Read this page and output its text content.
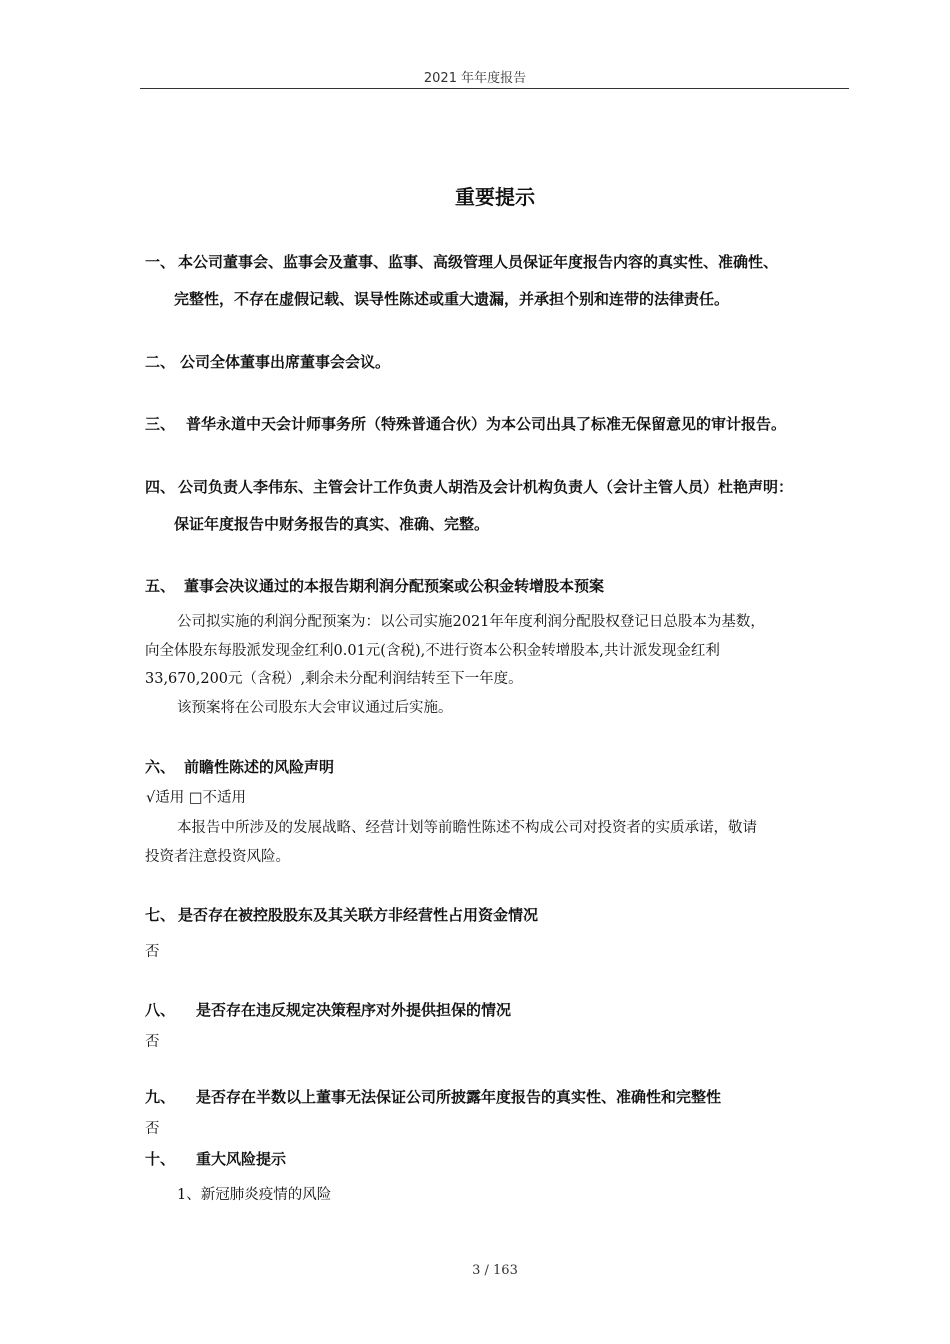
2021 年年度报告
重要提示
一、 本公司董事会、监事会及董事、监事、高级管理人员保证年度报告内容的真实性、准确性、
完整性，不存在虚假记载、误导性陈述或重大遗漏，并承担个别和连带的法律责任。
二、 公司全体董事出席董事会会议。
三、 普华永道中天会计师事务所（特殊普通合伙）为本公司出具了标准无保留意见的审计报告。
四、 公司负责人李伟东、主管会计工作负责人胡浩及会计机构负责人（会计主管人员）杜艳声明：
保证年度报告中财务报告的真实、准确、完整。
五、 董事会决议通过的本报告期利润分配预案或公积金转增股本预案
公司拟实施的利润分配预案为：以公司实施2021年年度利润分配股权登记日总股本为基数，
向全体股东每股派发现金红利0.01元(含税),不进行资本公积金转增股本,共计派发现金红利
33,670,200元（含税）,剩余未分配利润结转至下一年度。
该预案将在公司股东大会审议通过后实施。
六、 前瞻性陈述的风险声明
√适用 □不适用
本报告中所涉及的发展战略、经营计划等前瞻性陈述不构成公司对投资者的实质承诺，敬请
投资者注意投资风险。
七、 是否存在被控股股东及其关联方非经营性占用资金情况
否
八、 是否存在违反规定决策程序对外提供担保的情况
否
九、 是否存在半数以上董事无法保证公司所披露年度报告的真实性、准确性和完整性
否
十、 重大风险提示
1、新冠肺炎疫情的风险
3 / 163
